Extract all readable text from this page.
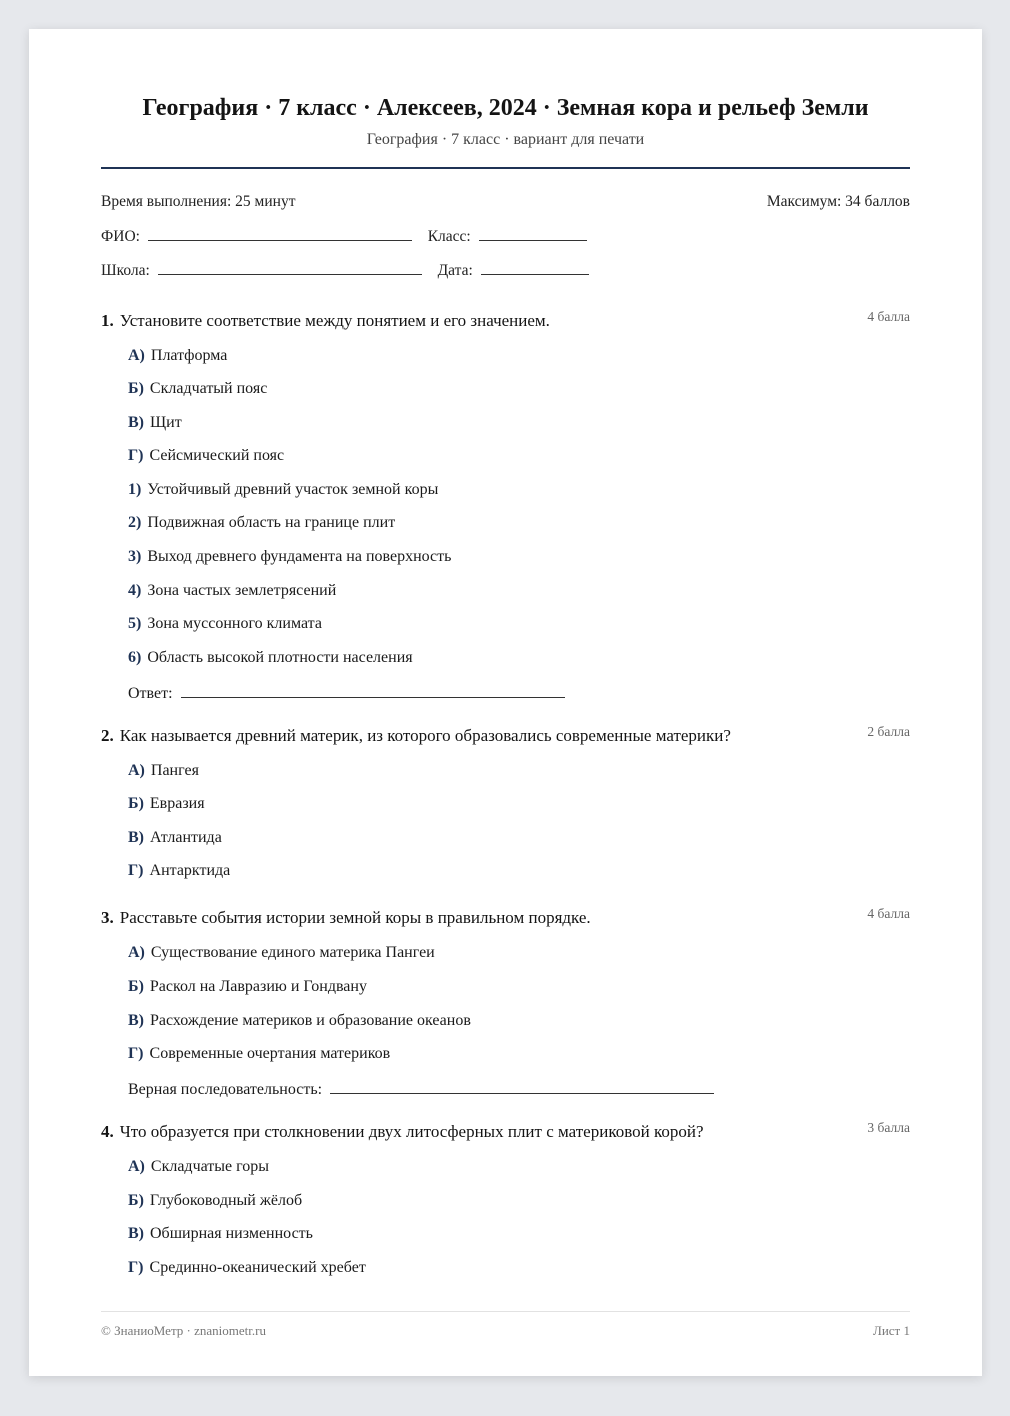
География · 7 класс · Алексеев, 2024 · Земная кора и рельеф Земли
География · 7 класс · вариант для печати
Время выполнения: 25 минут	Максимум: 34 баллов
ФИО:	Класс:
Школа:	Дата:
1. Установите соответствие между понятием и его значением.	4 балла
А) Платформа
Б) Складчатый пояс
В) Щит
Г) Сейсмический пояс
1) Устойчивый древний участок земной коры
2) Подвижная область на границе плит
3) Выход древнего фундамента на поверхность
4) Зона частых землетрясений
5) Зона муссонного климата
6) Область высокой плотности населения
Ответ:
2. Как называется древний материк, из которого образовались современные материки?	2 балла
А) Пангея
Б) Евразия
В) Атлантида
Г) Антарктида
3. Расставьте события истории земной коры в правильном порядке.	4 балла
А) Существование единого материка Пангеи
Б) Раскол на Лавразию и Гондвану
В) Расхождение материков и образование океанов
Г) Современные очертания материков
Верная последовательность:
4. Что образуется при столкновении двух литосферных плит с материковой корой?	3 балла
А) Складчатые горы
Б) Глубоководный жёлоб
В) Обширная низменность
Г) Срединно-океанический хребет
© ЗнаниоМетр · znaniometr.ru	Лист 1
